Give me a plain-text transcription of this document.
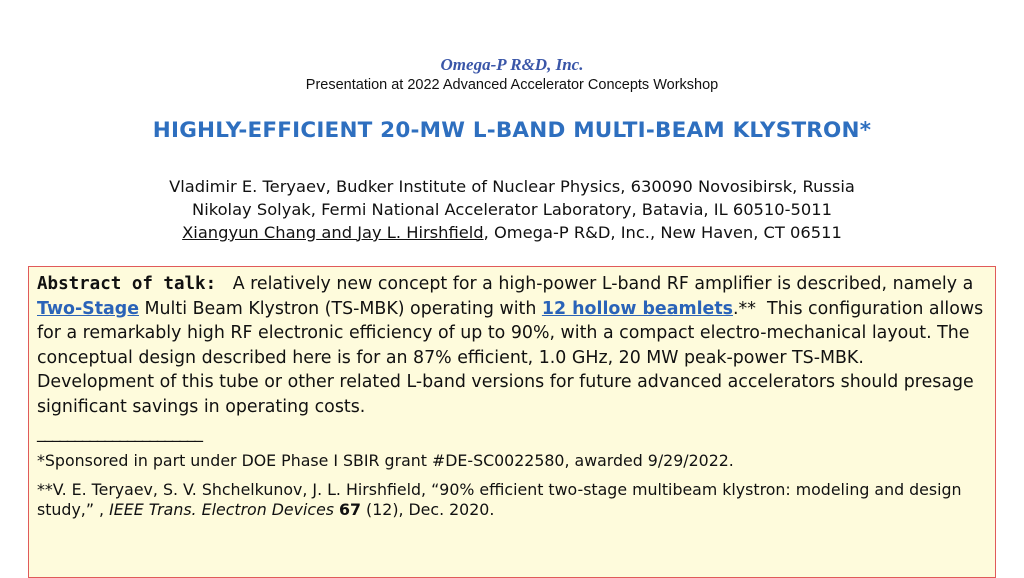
Omega-P R&D, Inc.
Presentation at 2022 Advanced Accelerator Concepts Workshop
HIGHLY-EFFICIENT 20-MW L-BAND MULTI-BEAM KLYSTRON*
Vladimir E. Teryaev, Budker Institute of Nuclear Physics, 630090 Novosibirsk, Russia
Nikolay Solyak, Fermi National Accelerator Laboratory, Batavia, IL 60510-5011
Xiangyun Chang and Jay L. Hirshfield, Omega-P R&D, Inc., New Haven, CT 06511
Abstract of talk:   A relatively new concept for a high-power L-band RF amplifier is described, namely a Two-Stage Multi Beam Klystron (TS-MBK) operating with 12 hollow beamlets.**  This configuration allows for a remarkably high RF electronic efficiency of up to 90%, with a compact electro-mechanical layout. The conceptual design described here is for an 87% efficient, 1.0 GHz, 20 MW peak-power TS-MBK.  Development of this tube or other related L-band versions for future advanced accelerators should presage significant savings in operating costs.
______________________
*Sponsored in part under DOE Phase I SBIR grant #DE-SC0022580, awarded 9/29/2022.
**V. E. Teryaev, S. V. Shchelkunov, J. L. Hirshfield, “90% efficient two-stage multibeam klystron: modeling and design study,” , IEEE Trans. Electron Devices 67 (12), Dec. 2020.
